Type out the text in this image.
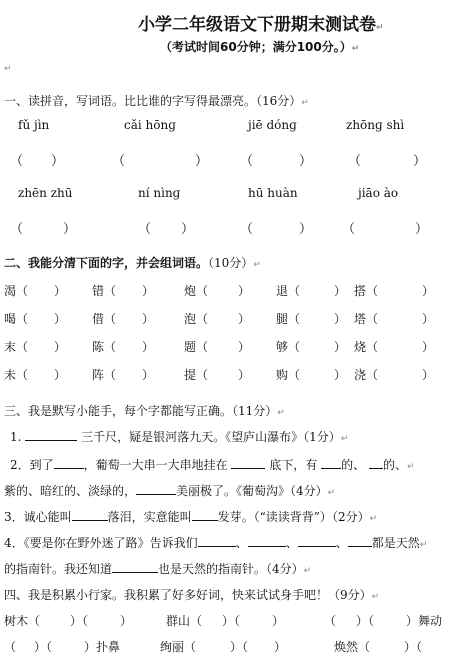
小学二年级语文下册期末测试卷↵
（考试时间60分钟；满分100分。）↵
↵
一、读拼音，写词语。比比谁的字写得最漂亮。（16分）↵
fǔ jìn	cǎi hōnɡ	jiē dónɡ	zhōnɡ shì
（ ）	（	） （	）	（	）
zhēn zhū	ní nìnɡ	hū huàn	jiāo ào
（	）	（ ）	（	） （	）
二、我能分清下面的字，并会组词语。（10分）↵
渴（ ） 错（ ） 炮（ ） 退（	） 搭（	）
喝（ ） 借（ ） 泡（ ） 腿（	） 塔（	）
末（ ） 陈（ ） 题（ ） 够（	） 烧（	）
未（ ） 阵（ ） 提（ ） 购（	） 浇（	）
三、我是默写小能手，每个字都能写正确。（11分）↵
1.	三千尺，疑是银河落九天。《望庐山瀑布》（1分）↵
2．到了	，葡萄一大串一大串地挂在	底下，有 的、 的、↵
紫的、暗红的、淡绿的，	美丽极了。《葡萄沟》（4分）↵
3．诚心能叫	落泪，实意能叫 发芽。（“读读背背”）（2分）↵
4．《要是你在野外迷了路》告诉我们	、	、	、 都是天然↵
的指南针。我还知道	也是天然的指南针。（4分）↵
四、我是积累小行家。我积累了好多好词，快来试试身手吧！（9分）↵
树木（ ）（	）	群山（ ）（	）	（ ）（	）舞动
（ ）（	）扑鼻	绚丽（	）（ ）	焕然（	）（
